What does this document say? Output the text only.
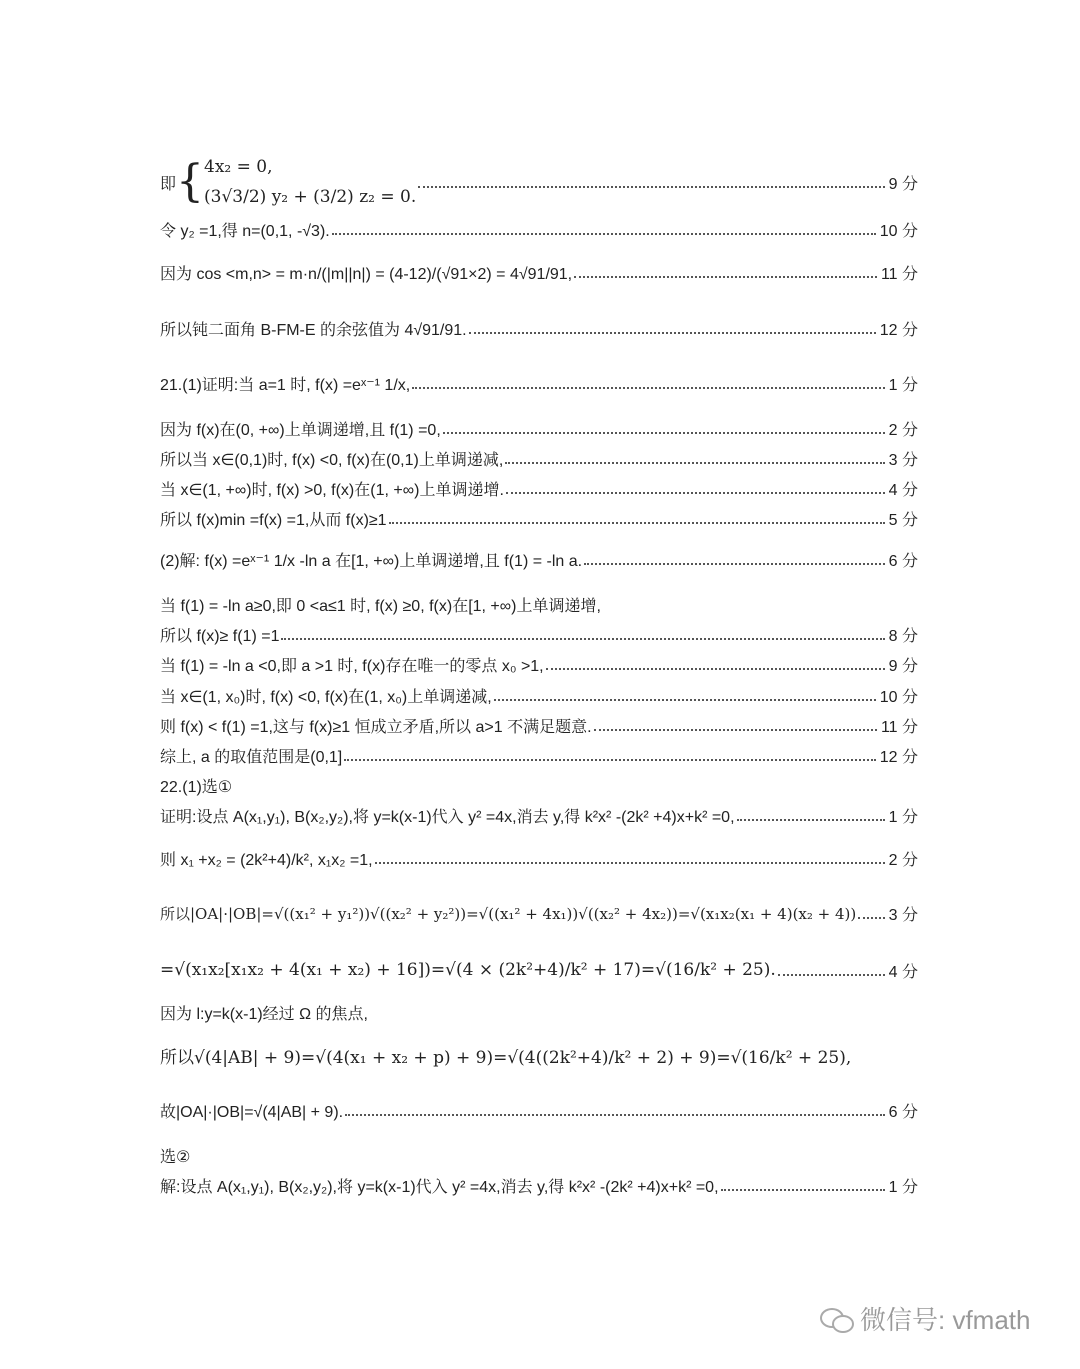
即 { 4x₂ = 0,
(3√3/2) y₂ + (3/2) z₂ = 0.
9 分
令 y₂ =1,得 n=(0,1, -√3).	10 分
因为 cos <m,n> = m·n/(|m||n|) = (4-12)/(√91×2) = 4√91/91,	11 分
所以钝二面角 B-FM-E 的余弦值为 4√91/91.	12 分
21.(1)证明:当 a=1 时, f(x) =eˣ⁻¹ 1/x,	1 分
因为 f(x)在(0, +∞)上单调递增,且 f(1) =0,	2 分
所以当 x∈(0,1)时, f(x) <0, f(x)在(0,1)上单调递减,	3 分
当 x∈(1, +∞)时, f(x) >0, f(x)在(1, +∞)上单调递增.	4 分
所以 f(x)min =f(x) =1,从而 f(x)≥1	5 分
(2)解: f(x) =eˣ⁻¹ 1/x -ln a 在[1, +∞)上单调递增,且 f(1) = -ln a.	6 分
当 f(1) = -ln a≥0,即 0 <a≤1 时, f(x) ≥0, f(x)在[1, +∞)上单调递增,
所以 f(x)≥ f(1) =1	8 分
当 f(1) = -ln a <0,即 a >1 时, f(x)存在唯一的零点 x₀ >1,	9 分
当 x∈(1, x₀)时, f(x) <0, f(x)在(1, x₀)上单调递减,	10 分
则 f(x) < f(1) =1,这与 f(x)≥1 恒成立矛盾,所以 a>1 不满足题意.	11 分
综上, a 的取值范围是(0,1]	12 分
22.(1)选①
证明:设点 A(x₁,y₁), B(x₂,y₂),将 y=k(x-1)代入 y² =4x,消去 y,得 k²x² -(2k² +4)x+k² =0,	1 分
则 x₁ +x₂ = (2k²+4)/k², x₁x₂ =1,	2 分
所以|OA|·|OB|=√((x₁² + y₁²))√((x₂² + y₂²))=√((x₁² + 4x₁))√((x₂² + 4x₂))=√(x₁x₂(x₁ + 4)(x₂ + 4)) 3 分
=√(x₁x₂[x₁x₂ + 4(x₁ + x₂) + 16])=√(4 × (2k²+4)/k² + 17)=√(16/k² + 25).	4 分
因为 l:y=k(x-1)经过 Ω 的焦点,
所以√(4|AB| + 9)=√(4(x₁ + x₂ + p) + 9)=√(4((2k²+4)/k² + 2) + 9)=√(16/k² + 25),
故|OA|·|OB|=√(4|AB| + 9).	6 分
选②
解:设点 A(x₁,y₁), B(x₂,y₂),将 y=k(x-1)代入 y² =4x,消去 y,得 k²x² -(2k² +4)x+k² =0,	1 分
微信号: vfmath
